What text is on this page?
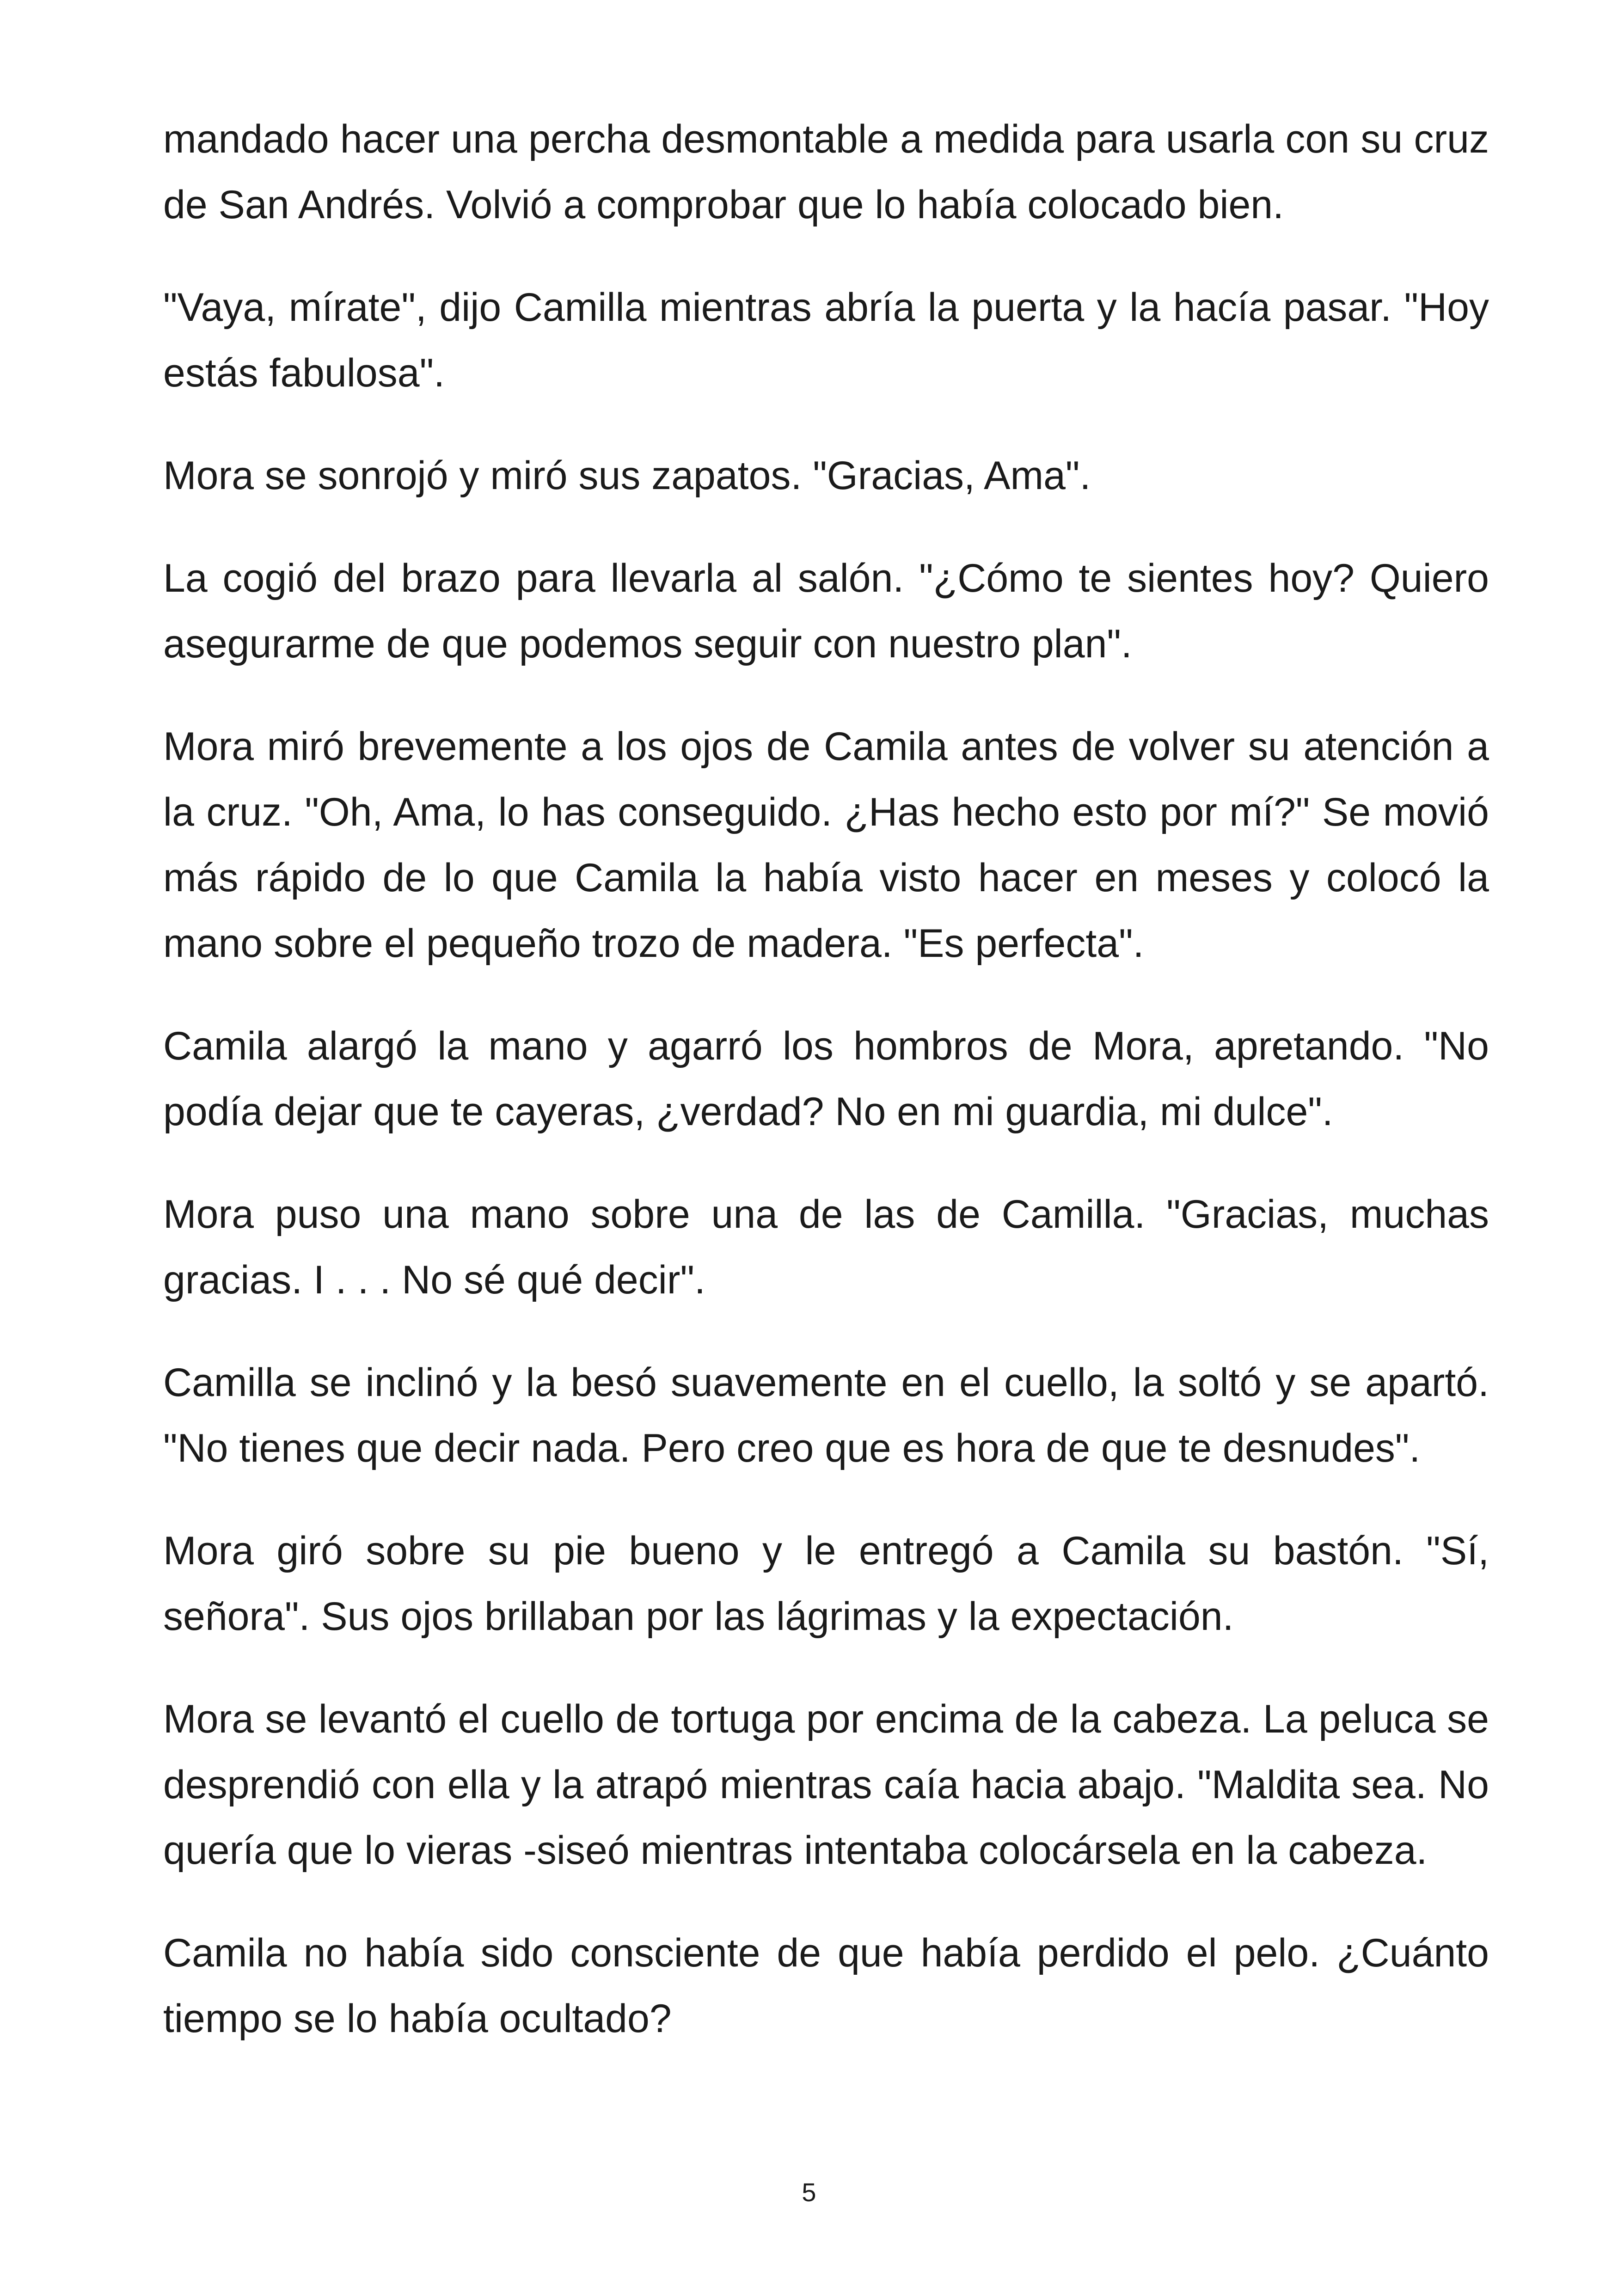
mandado hacer una percha desmontable a medida para usarla con su cruz de San Andrés. Volvió a comprobar que lo había colocado bien.

"Vaya, mírate", dijo Camilla mientras abría la puerta y la hacía pasar. "Hoy estás fabulosa".

Mora se sonrojó y miró sus zapatos. "Gracias, Ama".

La cogió del brazo para llevarla al salón. "¿Cómo te sientes hoy? Quiero asegurarme de que podemos seguir con nuestro plan".

Mora miró brevemente a los ojos de Camila antes de volver su atención a la cruz. "Oh, Ama, lo has conseguido. ¿Has hecho esto por mí?" Se movió más rápido de lo que Camila la había visto hacer en meses y colocó la mano sobre el pequeño trozo de madera. "Es perfecta".

Camila alargó la mano y agarró los hombros de Mora, apretando. "No podía dejar que te cayeras, ¿verdad? No en mi guardia, mi dulce".

Mora puso una mano sobre una de las de Camilla. "Gracias, muchas gracias. I . . . No sé qué decir".

Camilla se inclinó y la besó suavemente en el cuello, la soltó y se apartó. "No tienes que decir nada. Pero creo que es hora de que te desnudes".

Mora giró sobre su pie bueno y le entregó a Camila su bastón. "Sí, señora". Sus ojos brillaban por las lágrimas y la expectación.

Mora se levantó el cuello de tortuga por encima de la cabeza. La peluca se desprendió con ella y la atrapó mientras caía hacia abajo. "Maldita sea. No quería que lo vieras -siseó mientras intentaba colocársela en la cabeza.

Camila no había sido consciente de que había perdido el pelo. ¿Cuánto tiempo se lo había ocultado?

5
